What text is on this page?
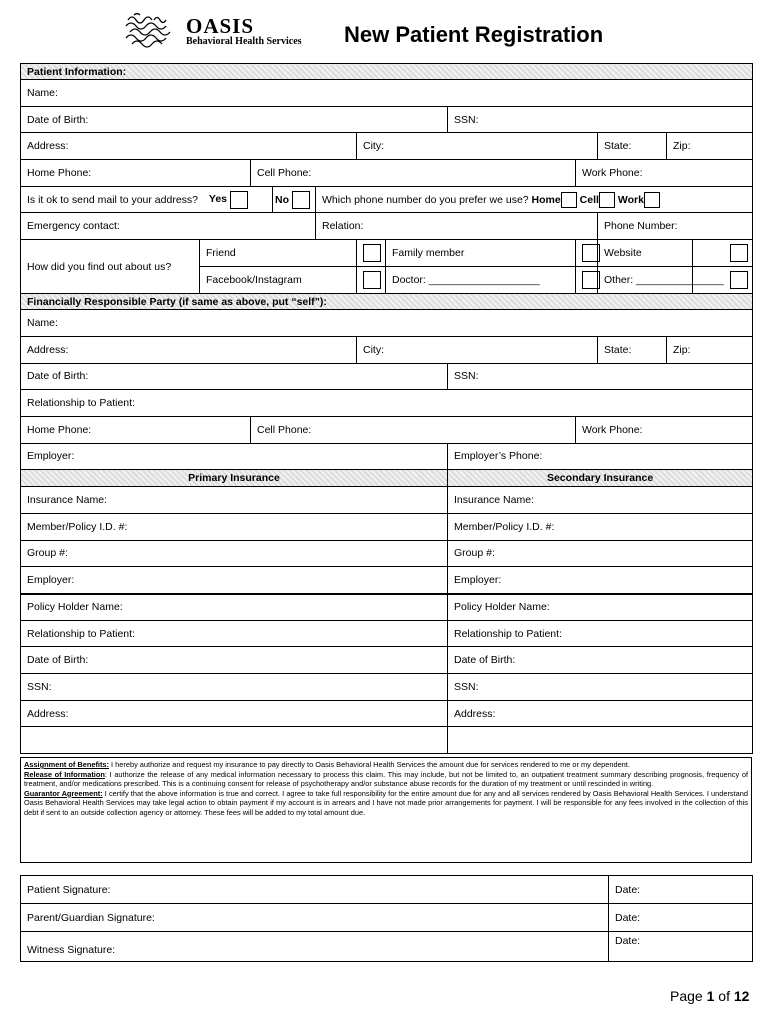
OASIS
Behavioral Health Services New Patient Registration
Patient Information:											
Name:											
Date of Birth:							SSN:				
Address:					City:				State:	Zip:	
Home Phone:		Cell Phone:						Work Phone:			
Is it ok to send mail to your address? Yes			No	Which phone number do you prefer we use? Home Cell Work							
Emergency contact:				Relation:					Phone Number:		
How did you find out about us?	Friend					Family member			Website		
	Facebook/Instagram					Doctor: ___________________			Other: _______________		
Financially Responsible Party (if same as above, put “self”):											
Name:											
Address:					City:				State:	Zip:	
Date of Birth:							SSN:				
Relationship to Patient:											
Home Phone:		Cell Phone:						Work Phone:			
Employer:							Employer’s Phone:				
Primary Insurance							Secondary Insurance				
Insurance Name:							Insurance Name:				
Member/Policy I.D. #:							Member/Policy I.D. #:				
Group #:							Group #:				
Employer:							Employer:				
Policy Holder Name:							Policy Holder Name:				
Relationship to Patient:							Relationship to Patient:				
Date of Birth:							Date of Birth:				
SSN:							SSN:				
Address:							Address:				

Assignment of Benefits: I hereby authorize and request my insurance to pay directly to Oasis Behavioral Health Services the amount due for services rendered to me or my dependent.
Release of Information: I authorize the release of any medical information necessary to process this claim. This may include, but not be limited to, an outpatient treatment summary describing prognosis, frequency of treatment, and/or medications prescribed. This is a continuing consent for release of psychotherapy and/or substance abuse records for the duration of my treatment or until rescinded in writing.
Guarantor Agreement: I certify that the above information is true and correct. I agree to take full responsibility for the entire amount due for any and all services rendered by Oasis Behavioral Health Services. I understand Oasis Behavioral Health Services may take legal action to obtain payment if my account is in arrears and I have not made prior arrangements for payment. I will be responsible for any fees involved in the collection of this debt if sent to an outside collection agency or attorney. These fees will be added to my total amount due.
Patient Signature:	Date:
Parent/Guardian Signature:	Date:
Witness Signature:	Date:
Page 1 of 12
